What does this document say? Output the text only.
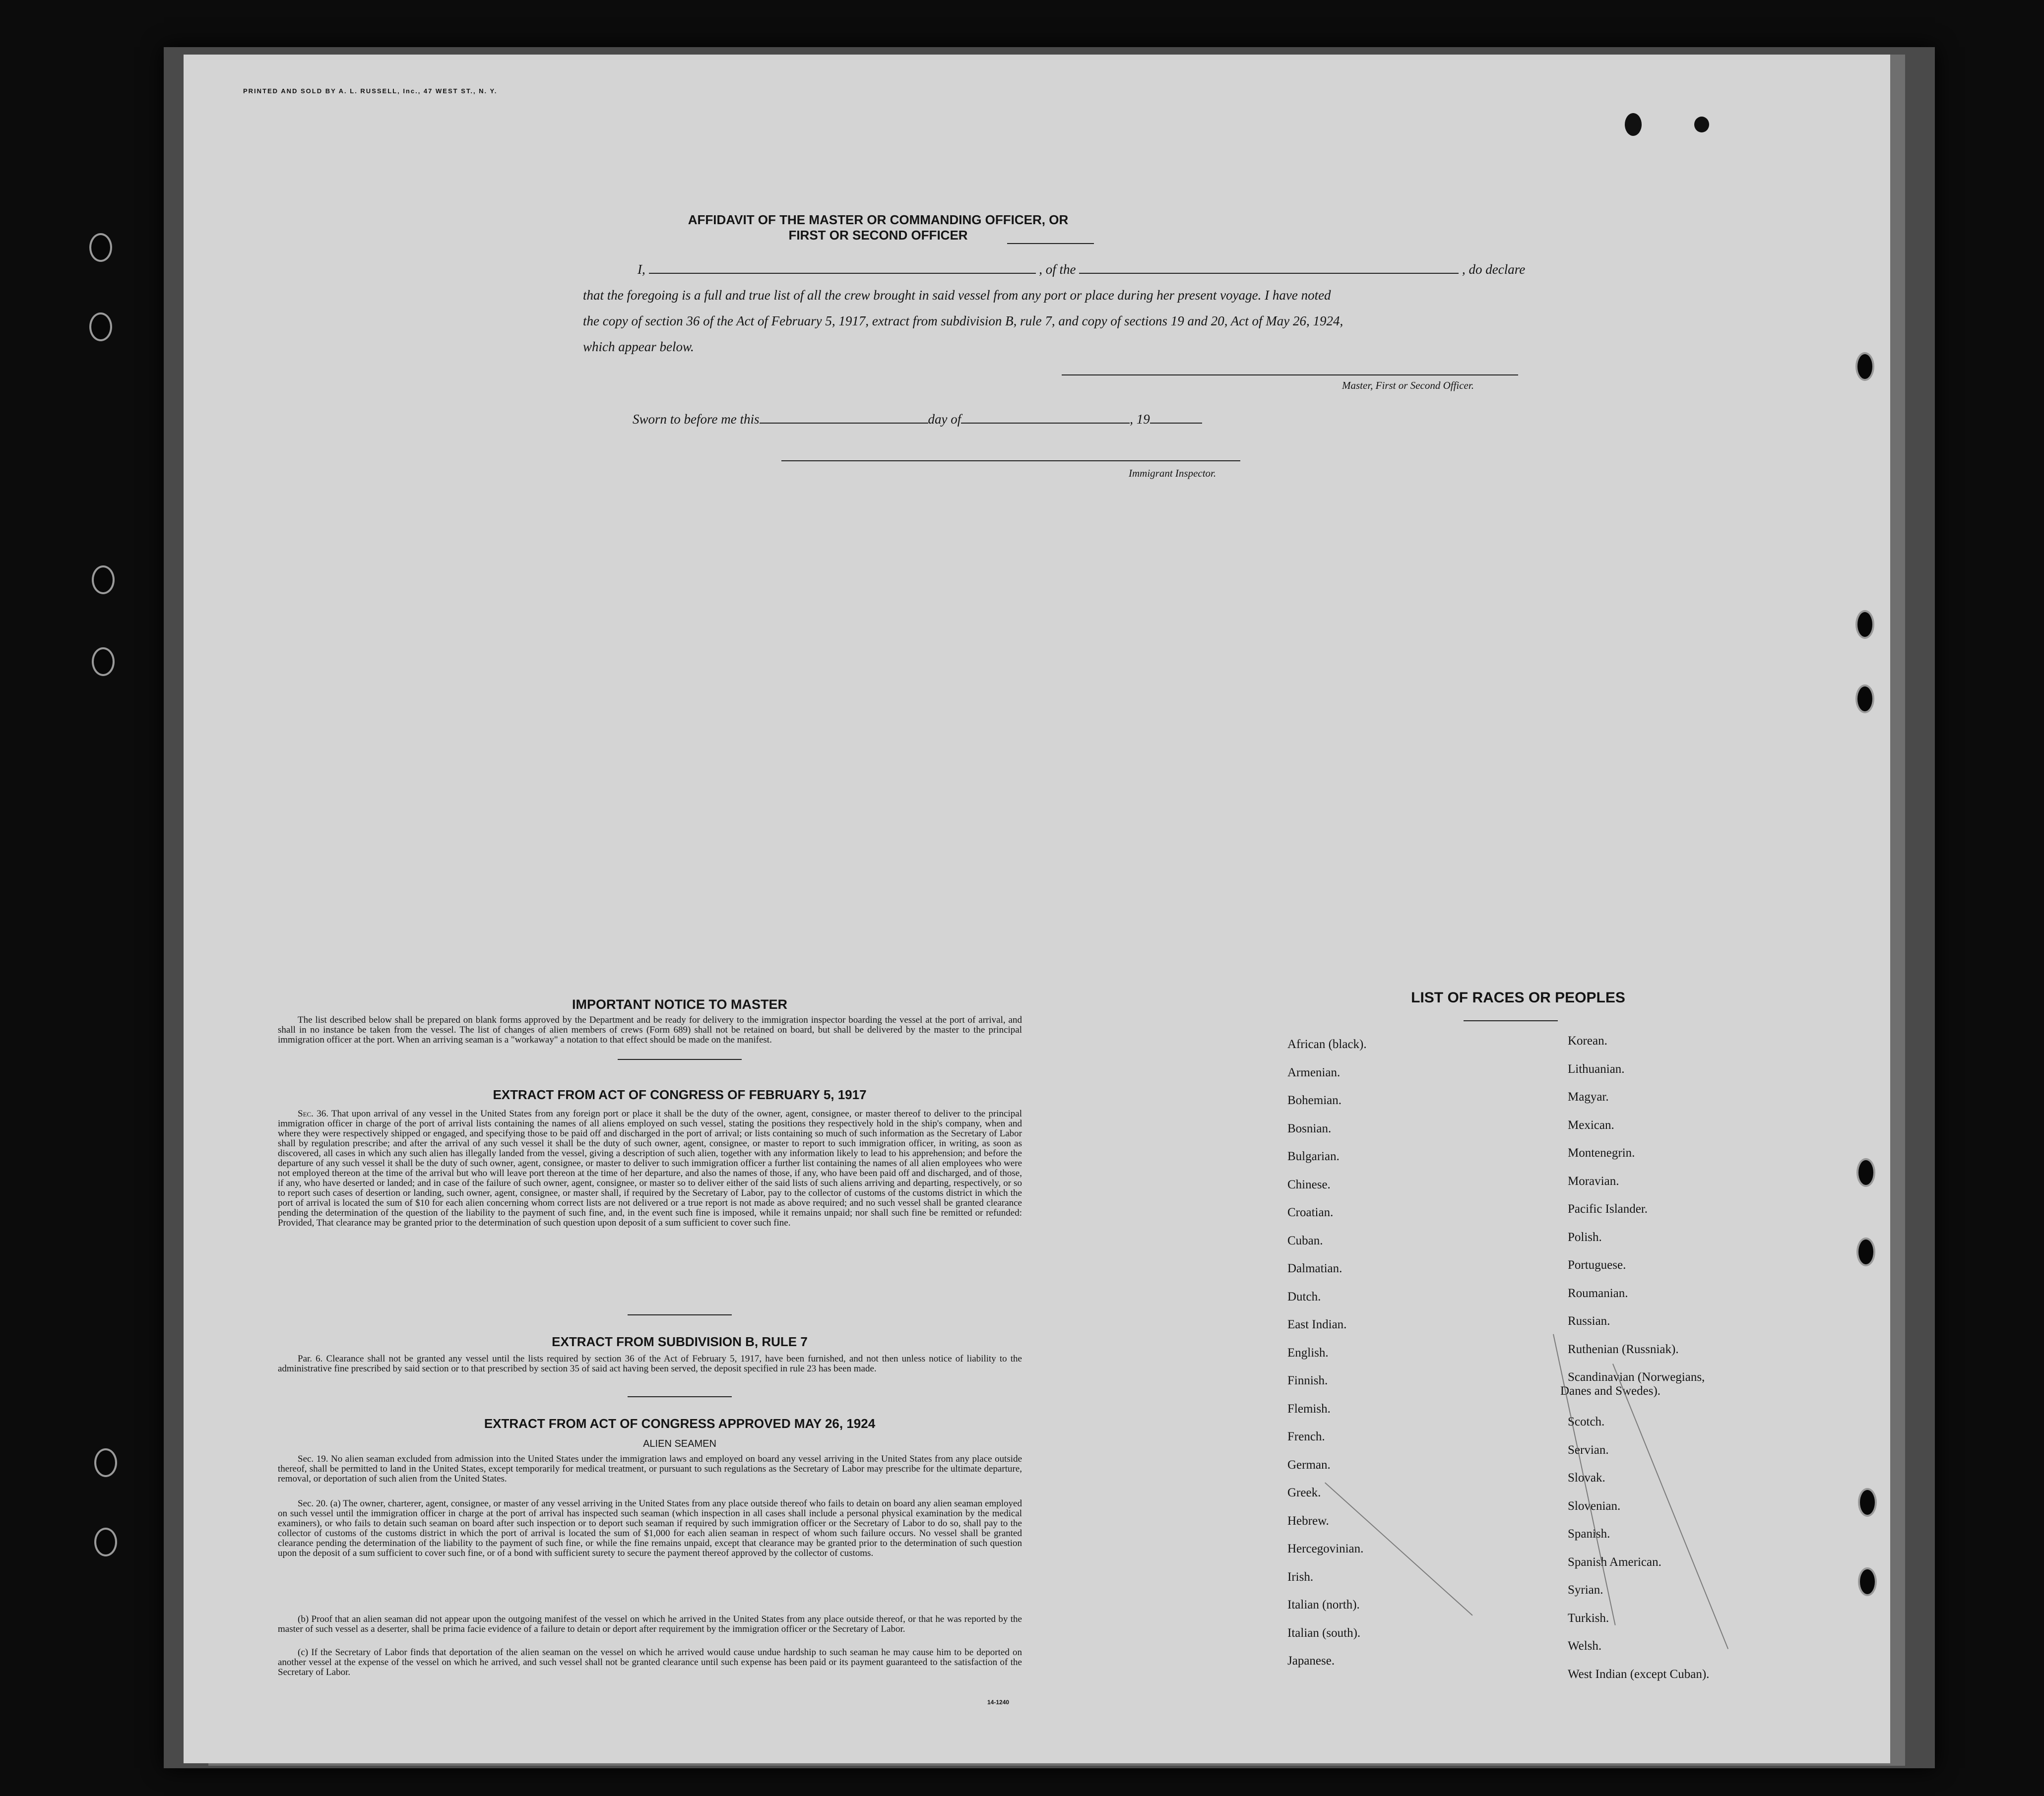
PRINTED AND SOLD BY A. L. RUSSELL, Inc., 47 WEST ST., N. Y.
AFFIDAVIT OF THE MASTER OR COMMANDING OFFICER, OR FIRST OR SECOND OFFICER
I,	, of the	, do declare
that the foregoing is a full and true list of all the crew brought in said vessel from any port or place during her present voyage. I have noted
the copy of section 36 of the Act of February 5, 1917, extract from subdivision B, rule 7, and copy of sections 19 and 20, Act of May 26, 1924,
which appear below.
Master, First or Second Officer.
Sworn to before me this	day of	, 19
Immigrant Inspector.
IMPORTANT NOTICE TO MASTER
The list described below shall be prepared on blank forms approved by the Department and be ready for delivery to the immigration inspector boarding the vessel at the port of arrival, and shall in no instance be taken from the vessel. The list of changes of alien members of crews (Form 689) shall not be retained on board, but shall be delivered by the master to the principal immigration officer at the port. When an arriving seaman is a "workaway" a notation to that effect should be made on the manifest.
EXTRACT FROM ACT OF CONGRESS OF FEBRUARY 5, 1917
Sec. 36. That upon arrival of any vessel in the United States from any foreign port or place it shall be the duty of the owner, agent, consignee, or master thereof to deliver to the principal immigration officer in charge of the port of arrival lists containing the names of all aliens employed on such vessel, stating the positions they respectively hold in the ship's company, when and where they were respectively shipped or engaged, and specifying those to be paid off and discharged in the port of arrival; or lists containing so much of such information as the Secretary of Labor shall by regulation prescribe; and after the arrival of any such vessel it shall be the duty of such owner, agent, consignee, or master to report to such immigration officer, in writing, as soon as discovered, all cases in which any such alien has illegally landed from the vessel, giving a description of such alien, together with any information likely to lead to his apprehension; and before the departure of any such vessel it shall be the duty of such owner, agent, consignee, or master to deliver to such immigration officer a further list containing the names of all alien employees who were not employed thereon at the time of the arrival but who will leave port thereon at the time of her departure, and also the names of those, if any, who have been paid off and discharged, and of those, if any, who have deserted or landed; and in case of the failure of such owner, agent, consignee, or master so to deliver either of the said lists of such aliens arriving and departing, respectively, or so to report such cases of desertion or landing, such owner, agent, consignee, or master shall, if required by the Secretary of Labor, pay to the collector of customs of the customs district in which the port of arrival is located the sum of $10 for each alien concerning whom correct lists are not delivered or a true report is not made as above required; and no such vessel shall be granted clearance pending the determination of the question of the liability to the payment of such fine, and, in the event such fine is imposed, while it remains unpaid; nor shall such fine be remitted or refunded: Provided, That clearance may be granted prior to the determination of such question upon deposit of a sum sufficient to cover such fine.
EXTRACT FROM SUBDIVISION B, RULE 7
Par. 6. Clearance shall not be granted any vessel until the lists required by section 36 of the Act of February 5, 1917, have been furnished, and not then unless notice of liability to the administrative fine prescribed by said section or to that prescribed by section 35 of said act having been served, the deposit specified in rule 23 has been made.
EXTRACT FROM ACT OF CONGRESS APPROVED MAY 26, 1924
ALIEN SEAMEN
Sec. 19. No alien seaman excluded from admission into the United States under the immigration laws and employed on board any vessel arriving in the United States from any place outside thereof, shall be permitted to land in the United States, except temporarily for medical treatment, or pursuant to such regulations as the Secretary of Labor may prescribe for the ultimate departure, removal, or deportation of such alien from the United States.
Sec. 20. (a) The owner, charterer, agent, consignee, or master of any vessel arriving in the United States from any place outside thereof who fails to detain on board any alien seaman employed on such vessel until the immigration officer in charge at the port of arrival has inspected such seaman (which inspection in all cases shall include a personal physical examination by the medical examiners), or who fails to detain such seaman on board after such inspection or to deport such seaman if required by such immigration officer or the Secretary of Labor to do so, shall pay to the collector of customs of the customs district in which the port of arrival is located the sum of $1,000 for each alien seaman in respect of whom such failure occurs. No vessel shall be granted clearance pending the determination of the liability to the payment of such fine, or while the fine remains unpaid, except that clearance may be granted prior to the determination of such question upon the deposit of a sum sufficient to cover such fine, or of a bond with sufficient surety to secure the payment thereof approved by the collector of customs.
(b) Proof that an alien seaman did not appear upon the outgoing manifest of the vessel on which he arrived in the United States from any place outside thereof, or that he was reported by the master of such vessel as a deserter, shall be prima facie evidence of a failure to detain or deport after requirement by the immigration officer or the Secretary of Labor.
(c) If the Secretary of Labor finds that deportation of the alien seaman on the vessel on which he arrived would cause undue hardship to such seaman he may cause him to be deported on another vessel at the expense of the vessel on which he arrived, and such vessel shall not be granted clearance until such expense has been paid or its payment guaranteed to the satisfaction of the Secretary of Labor.
14-1240
LIST OF RACES OR PEOPLES
African (black).
Armenian.
Bohemian.
Bosnian.
Bulgarian.
Chinese.
Croatian.
Cuban.
Dalmatian.
Dutch.
East Indian.
English.
Finnish.
Flemish.
French.
German.
Greek.
Hebrew.
Hercegovinian.
Irish.
Italian (north).
Italian (south).
Japanese.
Korean.
Lithuanian.
Magyar.
Mexican.
Montenegrin.
Moravian.
Pacific Islander.
Polish.
Portuguese.
Roumanian.
Russian.
Ruthenian (Russniak).
Scandinavian (Norwegians,
Danes and Swedes).
Scotch.
Servian.
Slovak.
Slovenian.
Spanish.
Spanish American.
Syrian.
Turkish.
Welsh.
West Indian (except Cuban).
